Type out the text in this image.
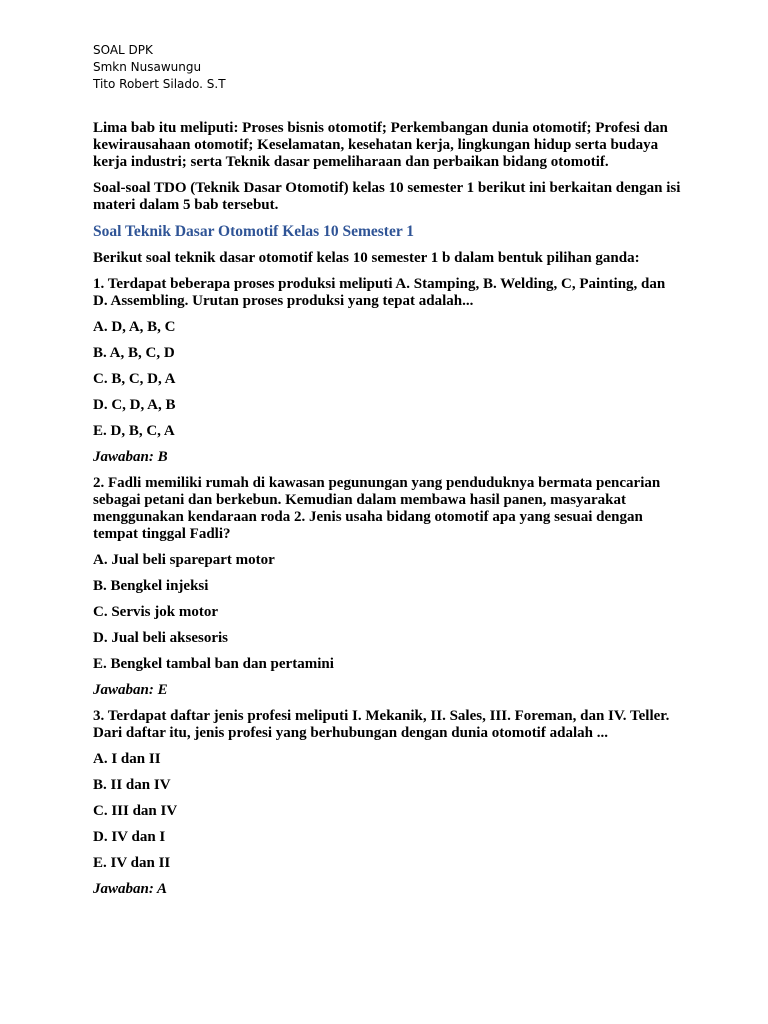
SOAL DPK
Smkn Nusawungu
Tito Robert Silado. S.T

Lima bab itu meliputi: Proses bisnis otomotif; Perkembangan dunia otomotif; Profesi dan kewirausahaan otomotif; Keselamatan, kesehatan kerja, lingkungan hidup serta budaya kerja industri; serta Teknik dasar pemeliharaan dan perbaikan bidang otomotif.

Soal-soal TDO (Teknik Dasar Otomotif) kelas 10 semester 1 berikut ini berkaitan dengan isi materi dalam 5 bab tersebut.

Soal Teknik Dasar Otomotif Kelas 10 Semester 1

Berikut soal teknik dasar otomotif kelas 10 semester 1 b dalam bentuk pilihan ganda:

1. Terdapat beberapa proses produksi meliputi A. Stamping, B. Welding, C, Painting, dan D. Assembling. Urutan proses produksi yang tepat adalah...

A. D, A, B, C

B. A, B, C, D

C. B, C, D, A

D. C, D, A, B

E. D, B, C, A

Jawaban: B

2. Fadli memiliki rumah di kawasan pegunungan yang penduduknya bermata pencarian sebagai petani dan berkebun. Kemudian dalam membawa hasil panen, masyarakat menggunakan kendaraan roda 2. Jenis usaha bidang otomotif apa yang sesuai dengan tempat tinggal Fadli?

A. Jual beli sparepart motor

B. Bengkel injeksi

C. Servis jok motor

D. Jual beli aksesoris

E. Bengkel tambal ban dan pertamini

Jawaban: E

3. Terdapat daftar jenis profesi meliputi I. Mekanik, II. Sales, III. Foreman, dan IV. Teller. Dari daftar itu, jenis profesi yang berhubungan dengan dunia otomotif adalah ...

A. I dan II

B. II dan IV

C. III dan IV

D. IV dan I

E. IV dan II

Jawaban: A
